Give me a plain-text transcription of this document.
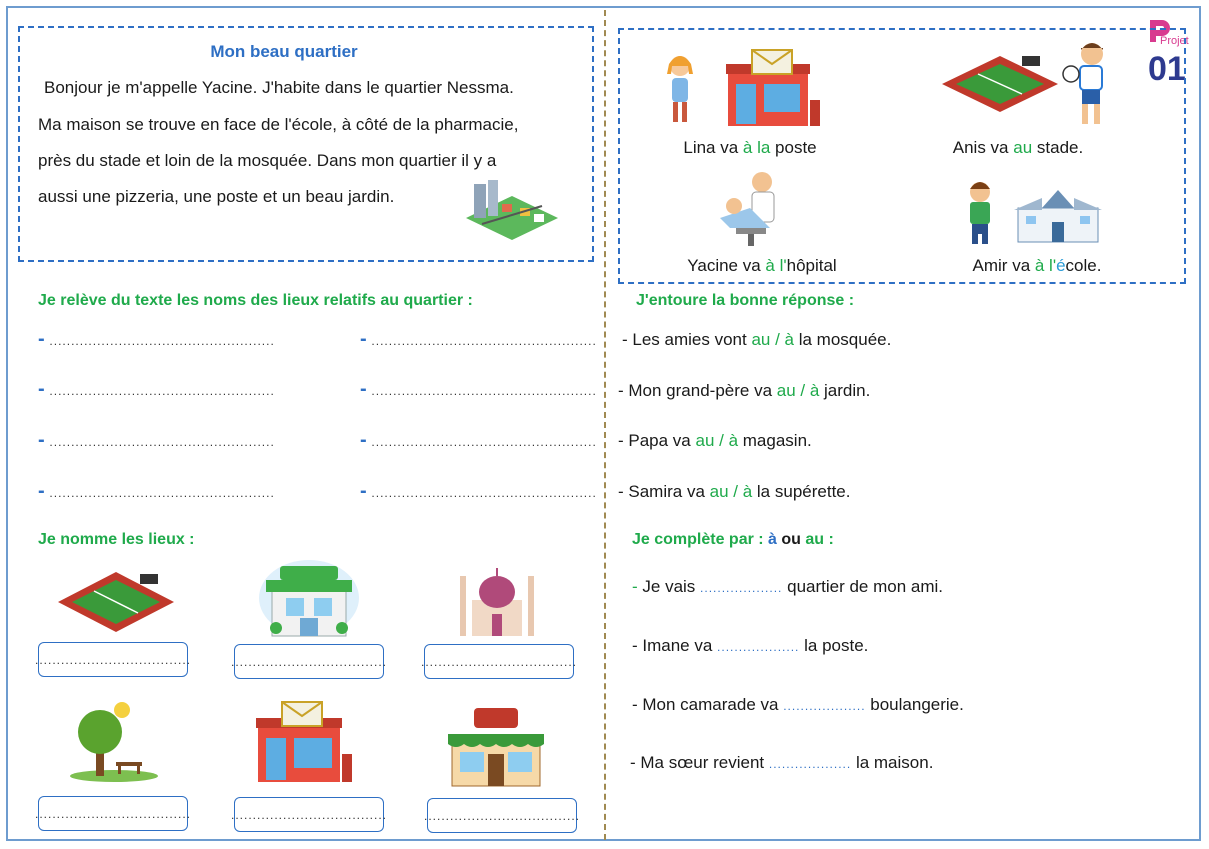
Projet
01

Mon beau quartier

Bonjour je m'appelle Yacine. J'habite dans le quartier Nessma.

Ma maison se trouve en face de l'école, à côté de la pharmacie,

près du stade et loin de la mosquée. Dans mon quartier il y a

aussi une pizzeria, une poste et un beau jardin.

Lina va à la poste	Anis va au stade.
Yacine va à l'hôpital	Amir va à l'école.
Je relève du texte les noms des lieux relatifs au quartier :
- ....................................................	- ....................................................
- ....................................................	- ....................................................
- ....................................................	- ....................................................
- ....................................................	- ....................................................
Je nomme les lieux :
....................................	....................................	....................................
....................................	....................................	....................................
J'entoure la bonne réponse :
- Les amies vont au / à la mosquée.
- Mon grand-père va au / à jardin.
- Papa va au / à magasin.
- Samira va au / à la supérette.
Je complète par : à ou au :
- Je vais ................... quartier de mon ami.
- Imane va ................... la poste.
- Mon camarade va ................... boulangerie.
- Ma sœur revient ................... la maison.
